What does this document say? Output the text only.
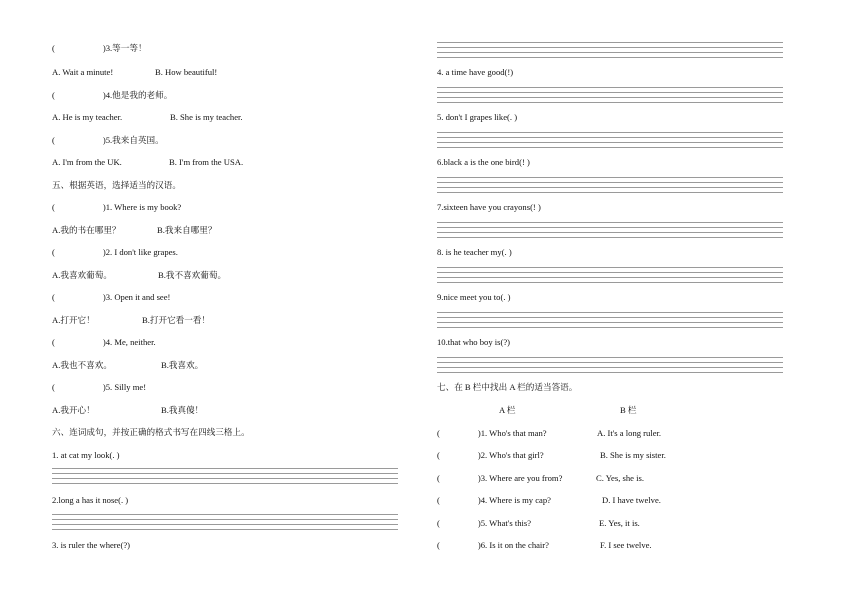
(	)3.等一等！
A. Wait a minute!	B. How beautiful!
(	)4.他是我的老师。
A. He is my teacher.	B. She is my teacher.
(	)5.我来自英国。
A. I'm from the UK.	B. I'm from the USA.
五、根据英语，选择适当的汉语。
(	)1. Where is my book?
A.我的书在哪里？	B.我来自哪里？
(	)2. I don't like grapes.
A.我喜欢葡萄。	B.我不喜欢葡萄。
(	)3. Open it and see!
A.打开它！	B.打开它看一看！
(	)4. Me, neither.
A.我也不喜欢。	B.我喜欢。
(	)5. Silly me!
A.我开心！	B.我真傻！
六、连词成句，并按正确的格式书写在四线三格上。
1. at cat my look(. )
2.long a has it nose(. )
3. is ruler the where(?)
4. a time have good(!)
5. don't I grapes like(. )
6.black a is the one bird(! )
7.sixteen have you crayons(! )
8. is he teacher my(. )
9.nice meet you to(. )
10.that who boy is(?)
七、在 B 栏中找出 A 栏的适当答语。
A 栏	B 栏
(	)1. Who's that man?	A. It's a long ruler.
(	)2. Who's that girl?	B. She is my sister.
(	)3. Where are you from?	C. Yes, she is.
(	)4. Where is my cap?	D. I have twelve.
(	)5. What's this?	E. Yes, it is.
(	)6. Is it on the chair?	F. I see twelve.
